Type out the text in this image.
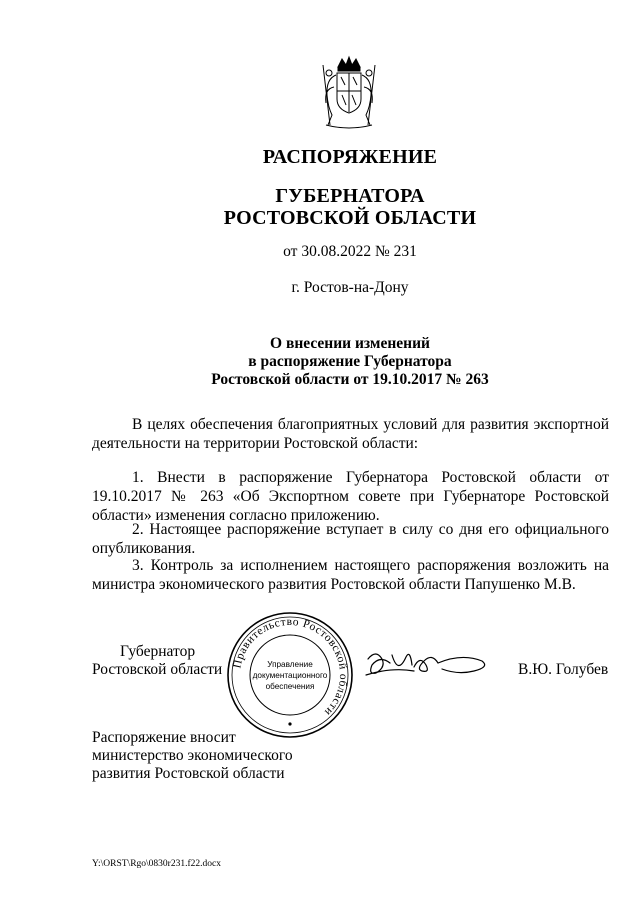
РАСПОРЯЖЕНИЕ
ГУБЕРНАТОРА
РОСТОВСКОЙ ОБЛАСТИ
от 30.08.2022 № 231
г. Ростов-на-Дону
О внесении изменений
в распоряжение Губернатора
Ростовской области от 19.10.2017 № 263
В целях обеспечения благоприятных условий для развития экспортной деятельности на территории Ростовской области:
1. Внести в распоряжение Губернатора Ростовской области от 19.10.2017 № 263 «Об Экспортном совете при Губернаторе Ростовской области» изменения согласно приложению.
2. Настоящее распоряжение вступает в силу со дня его официального опубликования.
3. Контроль за исполнением настоящего распоряжения возложить на министра экономического развития Ростовской области Папушенко М.В.
Губернатор
Ростовской области Правительство Ростовской области
Управление
документационного
обеспечения
В.Ю. Голубев
Распоряжение вносит
министерство экономического
развития Ростовской области
Y:\ORST\Rgo\0830r231.f22.docx
